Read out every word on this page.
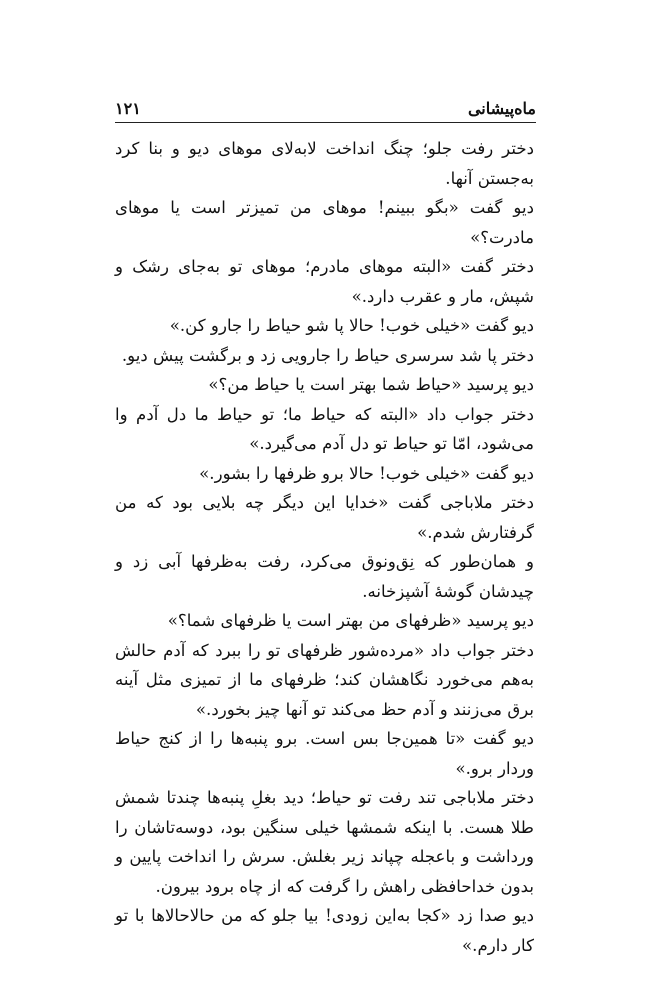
ماه‌پیشانی
۱۲۱

دختر رفت جلو؛ چنگ انداخت لابه‌لای موهای دیو و بنا کرد به‌جستن آنها.

دیو گفت «بگو ببینم! موهای من تمیزتر است یا موهای مادرت؟»

دختر گفت «البته موهای مادرم؛ موهای تو به‌جای رشک و شپش، مار و عقرب دارد.»

دیو گفت «خیلی خوب! حالا پا شو حیاط را جارو کن.»

دختر پا شد سرسری حیاط را جارویی زد و برگشت پیش دیو.

دیو پرسید «حیاط شما بهتر است یا حیاط من؟»

دختر جواب داد «البته که حیاط ما؛ تو حیاط ما دل آدم وا می‌شود، امّا تو حیاط تو دل آدم می‌گیرد.»

دیو گفت «خیلی خوب! حالا برو ظرفها را بشور.»

دختر ملاباجی گفت «خدایا این دیگر چه بلایی بود که من گرفتارش شدم.»

و همان‌طور که نِق‌ونوق می‌کرد، رفت به‌ظرفها آبی زد و چیدشان گوشهٔ آشپزخانه.

دیو پرسید «ظرفهای من بهتر است یا ظرفهای شما؟»

دختر جواب داد «مرده‌شور ظرفهای تو را ببرد که آدم حالش به‌هم می‌خورد نگاهشان کند؛ ظرفهای ما از تمیزی مثل آینه برق می‌زنند و آدم حظ می‌کند تو آنها چیز بخورد.»

دیو گفت «تا همین‌جا بس است. برو پنبه‌ها را از کنج حیاط وردار برو.»

دختر ملاباجی تند رفت تو حیاط؛ دید بغلِ پنبه‌ها چندتا شمش طلا هست. با اینکه شمشها خیلی سنگین بود، دوسه‌تاشان را ورداشت و باعجله چپاند زیر بغلش. سرش را انداخت پایین و بدون خداحافظی راهش را گرفت که از چاه برود بیرون.

دیو صدا زد «کجا به‌این زودی! بیا جلو که من حالاحالاها با تو کار دارم.»
